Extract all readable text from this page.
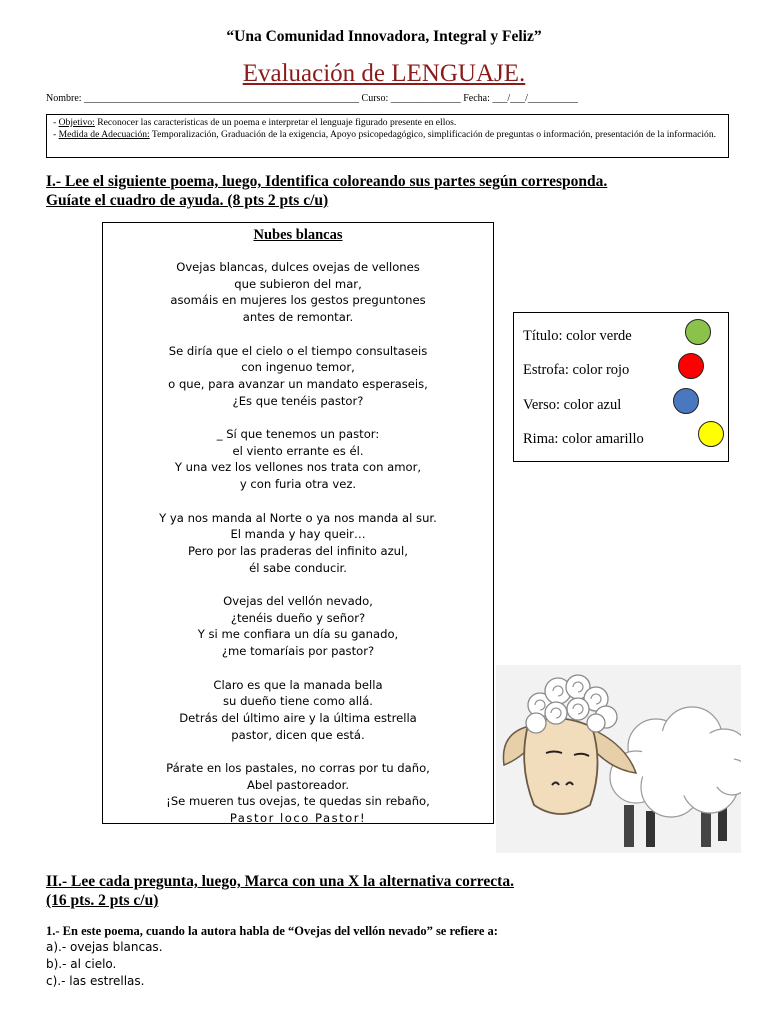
“Una Comunidad Innovadora, Integral y Feliz”
Evaluación de LENGUAJE.
Nombre: _______________________________________________________ Curso: ______________ Fecha: ___/___/__________
- Objetivo: Reconocer las características de un poema e interpretar el lenguaje figurado presente en ellos.
- Medida de Adecuación: Temporalización, Graduación de la exigencia, Apoyo psicopedagógico, simplificación de preguntas o información, presentación de la información.
I.- Lee el siguiente poema, luego, Identifica coloreando sus partes según corresponda.
Guíate el cuadro de ayuda. (8 pts 2 pts c/u)
Nubes blancas
Ovejas blancas, dulces ovejas de vellones
que subieron del mar,
asomáis en mujeres los gestos preguntones
antes de remontar.
Se diría que el cielo o el tiempo consultaseis
con ingenuo temor,
o que, para avanzar un mandato esperaseis,
¿Es que tenéis pastor?
_ Sí que tenemos un pastor:
el viento errante es él.
Y una vez los vellones nos trata con amor,
y con furia otra vez.
Y ya nos manda al Norte o ya nos manda al sur.
El manda y hay queir…
Pero por las praderas del infinito azul,
él sabe conducir.
Ovejas del vellón nevado,
¿tenéis dueño y señor?
Y si me confiara un día su ganado,
¿me tomaríais por pastor?
Claro es que la manada bella
su dueño tiene como allá.
Detrás del último aire y la última estrella
pastor, dicen que está.
Párate en los pastales, no corras por tu daño,
Abel pastoreador.
¡Se mueren tus ovejas, te quedas sin rebaño,
Pastor loco Pastor!
Título: color verde
Estrofa: color rojo
Verso: color azul
Rima: color amarillo
II.- Lee cada pregunta, luego, Marca con una X la alternativa correcta.
(16 pts. 2 pts c/u)
1.- En este poema, cuando la autora habla de “Ovejas del vellón nevado” se refiere a:
a).- ovejas blancas.
b).- al cielo.
c).- las estrellas.
